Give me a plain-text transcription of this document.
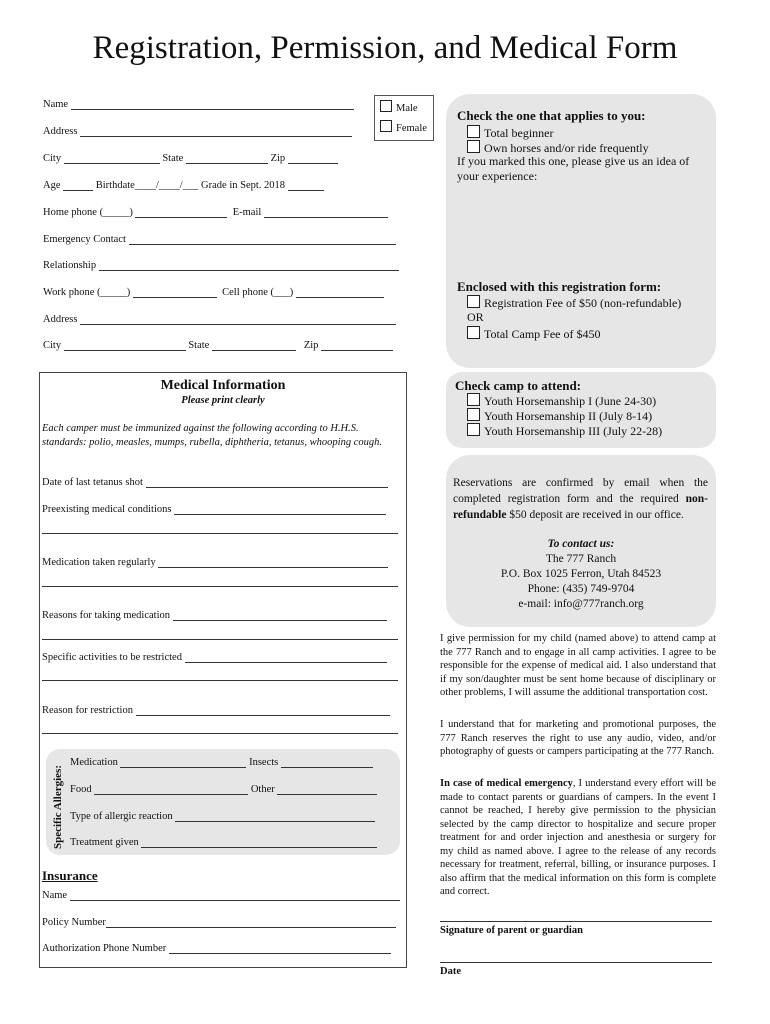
Registration, Permission, and Medical Form
Name
Address
City	State	Zip
Age	Birthdate____/____/___ Grade in Sept. 2018
Home phone (_____)	E-mail
Emergency Contact
Relationship
Work phone (_____)	Cell phone (___)
Address
City	State	Zip
Male
Female
Check the one that applies to you:
Total beginner
Own horses and/or ride frequently
If you marked this one, please give us an idea of your experience:
Enclosed with this registration form:
Registration Fee of $50 (non-refundable)
OR
Total Camp Fee of $450
Check camp to attend:
Youth Horsemanship I (June 24-30)
Youth Horsemanship II (July 8-14)
Youth Horsemanship III (July 22-28)
Reservations are confirmed by email when the completed registration form and the required non-refundable $50 deposit are received in our office.
To contact us:
The 777 Ranch
P.O. Box 1025 Ferron, Utah 84523
Phone: (435) 749-9704
e-mail: info@777ranch.org
Medical Information
Please print clearly
Each camper must be immunized against the following according to H.H.S. standards: polio, measles, mumps, rubella, diphtheria, tetanus, whooping cough.
Date of last tetanus shot
Preexisting medical conditions
Medication taken regularly
Reasons for taking medication
Specific activities to be restricted
Reason for restriction
Specific Allergies:
Medication	Insects
Food	Other
Type of allergic reaction
Treatment given
Insurance
Name
Policy Number
Authorization Phone Number
I give permission for my child (named above) to attend camp at the 777 Ranch and to engage in all camp activities. I agree to be responsible for the expense of medical aid. I also understand that if my son/daughter must be sent home because of disciplinary or other problems, I will assume the additional transportation cost.
I understand that for marketing and promotional purposes, the 777 Ranch reserves the right to use any audio, video, and/or photography of guests or campers participating at the 777 Ranch.
In case of medical emergency, I understand every effort will be made to contact parents or guardians of campers. In the event I cannot be reached, I hereby give permission to the physician selected by the camp director to hospitalize and secure proper treatment for and order injection and anesthesia or surgery for my child as named above. I agree to the release of any records necessary for treatment, referral, billing, or insurance purposes. I also affirm that the medical information on this form is complete and correct.
Signature of parent or guardian
Date
